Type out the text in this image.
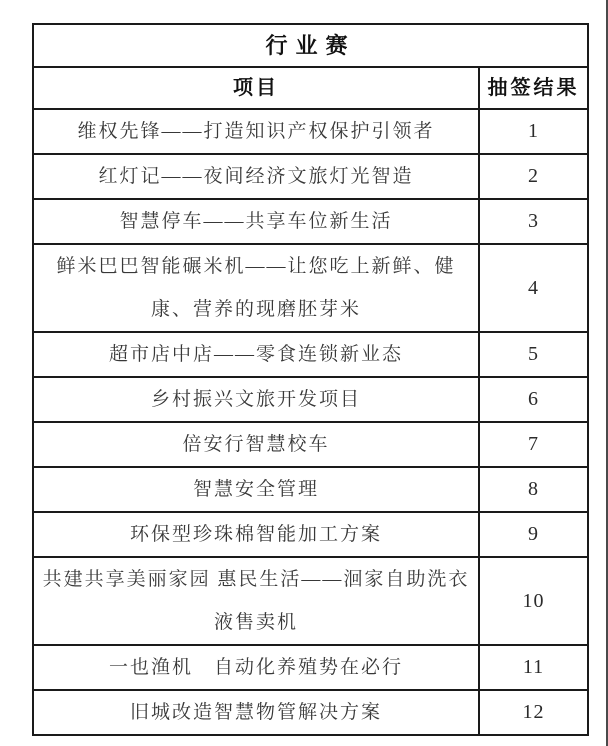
行业赛	
项目	抽签结果
维权先锋——打造知识产权保护引领者	1
红灯记——夜间经济文旅灯光智造	2
智慧停车——共享车位新生活	3
鲜米巴巴智能碾米机——让您吃上新鲜、健康、营养的现磨胚芽米	4
超市店中店——零食连锁新业态	5
乡村振兴文旅开发项目	6
倍安行智慧校车	7
智慧安全管理	8
环保型珍珠棉智能加工方案	9
共建共享美丽家园 惠民生活——洄家自助洗衣液售卖机	10
一也渔机　自动化养殖势在必行	11
旧城改造智慧物管解决方案	12
